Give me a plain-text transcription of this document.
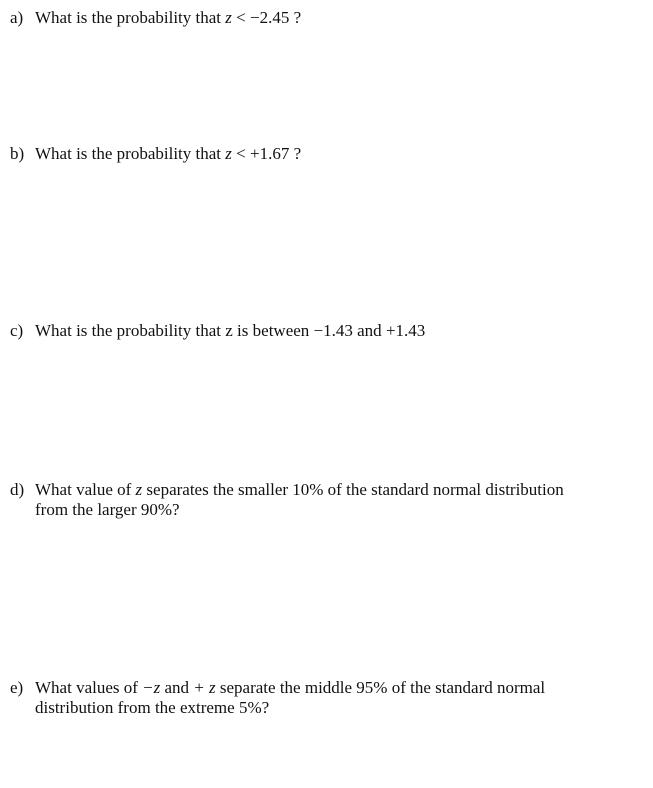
a) What is the probability that z < −2.45 ?
b) What is the probability that z < +1.67 ?
c) What is the probability that z is between −1.43 and +1.43
d) What value of z separates the smaller 10% of the standard normal distribution
from the larger 90%?
e) What values of −z and + z separate the middle 95% of the standard normal
distribution from the extreme 5%?
